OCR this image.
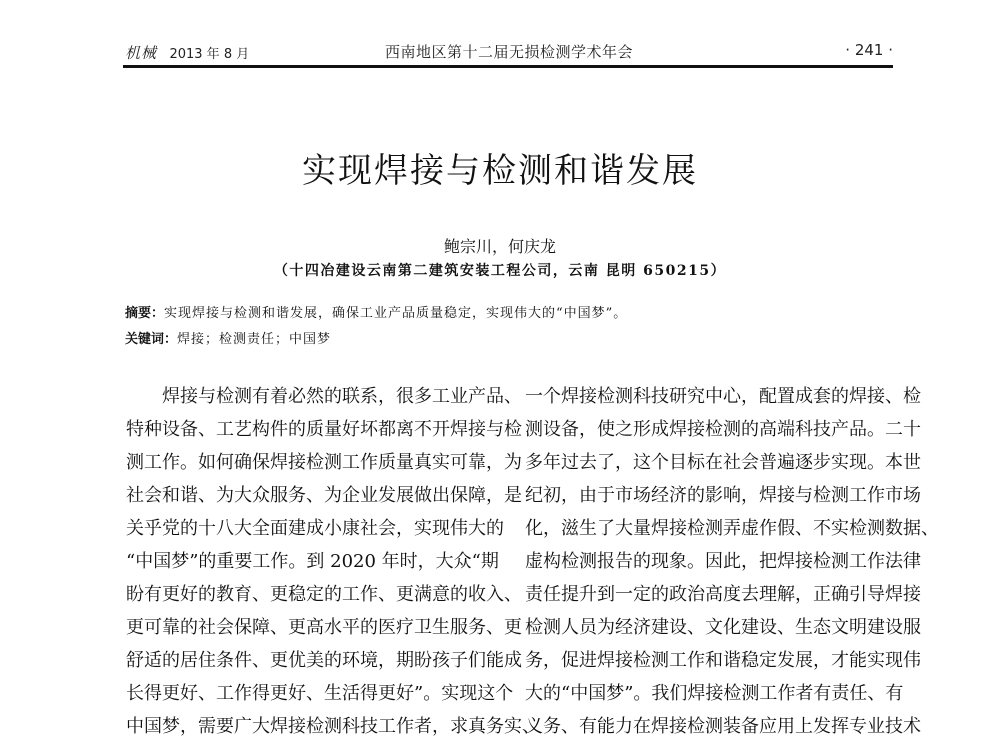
机械 2013 年 8 月	西南地区第十二届无损检测学术年会	· 241 ·
实现焊接与检测和谐发展
鲍宗川，何庆龙
（十四冶建设云南第二建筑安装工程公司，云南 昆明 650215）
摘要：实现焊接与检测和谐发展，确保工业产品质量稳定，实现伟大的“中国梦”。
关键词：焊接；检测责任；中国梦
焊接与检测有着必然的联系，很多工业产品、
特种设备、工艺构件的质量好坏都离不开焊接与检
测工作。如何确保焊接检测工作质量真实可靠，为
社会和谐、为大众服务、为企业发展做出保障，是
关乎党的十八大全面建成小康社会，实现伟大的
“中国梦”的重要工作。到 2020 年时，大众“期
盼有更好的教育、更稳定的工作、更满意的收入、
更可靠的社会保障、更高水平的医疗卫生服务、更
舒适的居住条件、更优美的环境，期盼孩子们能成
长得更好、工作得更好、生活得更好”。实现这个
中国梦，需要广大焊接检测科技工作者，求真务实、
一个焊接检测科技研究中心，配置成套的焊接、检
测设备，使之形成焊接检测的高端科技产品。二十
多年过去了，这个目标在社会普遍逐步实现。本世
纪初，由于市场经济的影响，焊接与检测工作市场
化，滋生了大量焊接检测弄虚作假、不实检测数据、
虚构检测报告的现象。因此，把焊接检测工作法律
责任提升到一定的政治高度去理解，正确引导焊接
检测人员为经济建设、文化建设、生态文明建设服
务，促进焊接检测工作和谐稳定发展，才能实现伟
大的“中国梦”。我们焊接检测工作者有责任、有
义务、有能力在焊接检测装备应用上发挥专业技术
